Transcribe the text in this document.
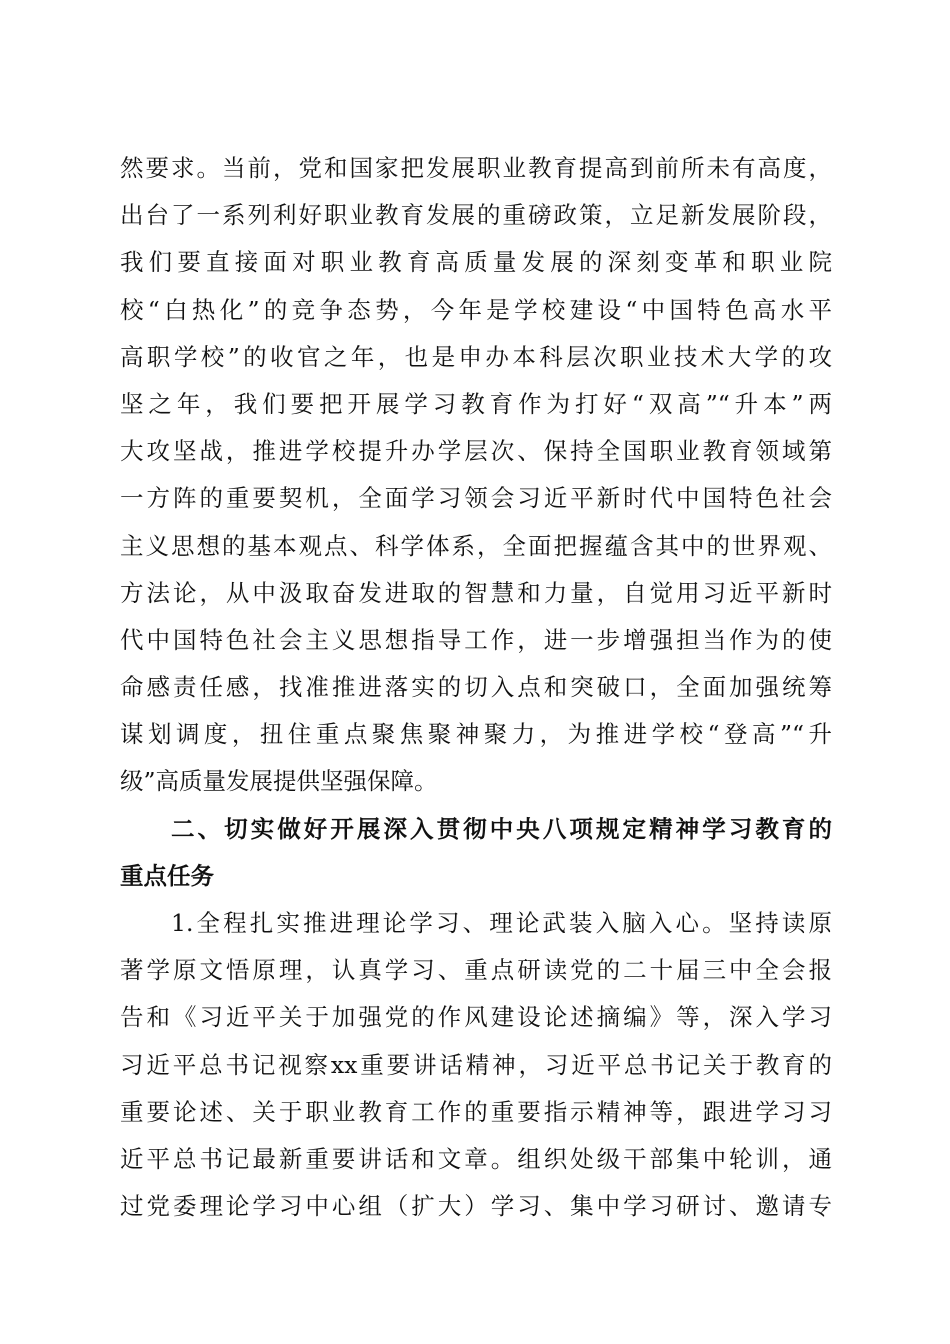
然要求。当前，党和国家把发展职业教育提高到前所未有高度，
出台了一系列利好职业教育发展的重磅政策，立足新发展阶段，
我们要直接面对职业教育高质量发展的深刻变革和职业院
校“白热化”的竞争态势，今年是学校建设“中国特色高水平
高职学校”的收官之年，也是申办本科层次职业技术大学的攻
坚之年，我们要把开展学习教育作为打好“双高”“升本”两
大攻坚战，推进学校提升办学层次、保持全国职业教育领域第
一方阵的重要契机，全面学习领会习近平新时代中国特色社会
主义思想的基本观点、科学体系，全面把握蕴含其中的世界观、
方法论，从中汲取奋发进取的智慧和力量，自觉用习近平新时
代中国特色社会主义思想指导工作，进一步增强担当作为的使
命感责任感，找准推进落实的切入点和突破口，全面加强统筹
谋划调度，扭住重点聚焦聚神聚力，为推进学校“登高”“升
级”高质量发展提供坚强保障。
二、切实做好开展深入贯彻中央八项规定精神学习教育的
重点任务
1.全程扎实推进理论学习、理论武装入脑入心。坚持读原
著学原文悟原理，认真学习、重点研读党的二十届三中全会报
告和《习近平关于加强党的作风建设论述摘编》等，深入学习
习近平总书记视察xx重要讲话精神，习近平总书记关于教育的
重要论述、关于职业教育工作的重要指示精神等，跟进学习习
近平总书记最新重要讲话和文章。组织处级干部集中轮训，通
过党委理论学习中心组（扩大）学习、集中学习研讨、邀请专
